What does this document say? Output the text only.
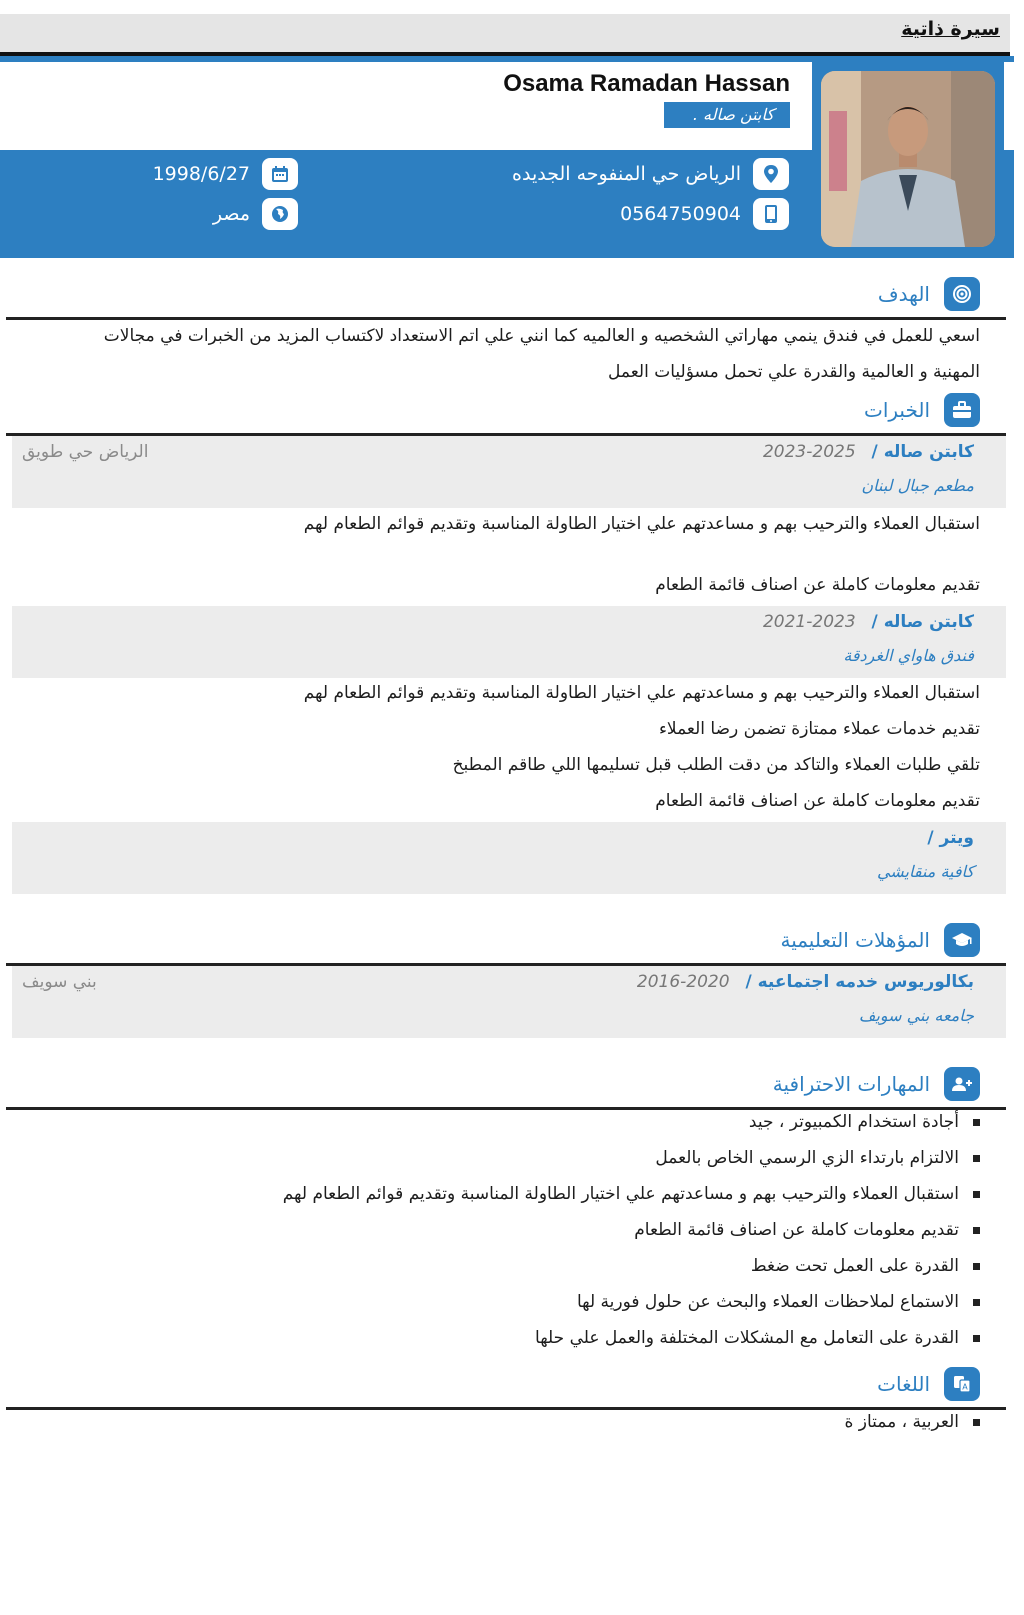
سيرة ذاتية
Osama Ramadan Hassan
كابتن صاله .
الرياض حي المنفوحه الجديده
0564750904
1998/6/27
مصر
الهدف
اسعي للعمل في فندق ينمي مهاراتي الشخصيه و العالميه كما انني علي اتم الاستعداد لاكتساب المزيد من الخبرات في مجالات
المهنية و العالمية والقدرة علي تحمل مسؤليات العمل
الخبرات
كابتن صاله / 2025-2023
الرياض حي طويق
مطعم جبال لبنان
استقبال العملاء والترحيب بهم و مساعدتهم علي اختيار الطاولة المناسبة وتقديم قوائم الطعام لهم
تقديم معلومات كاملة عن اصناف قائمة الطعام
كابتن صاله / 2023-2021
فندق هاواي الغردقة
استقبال العملاء والترحيب بهم و مساعدتهم علي اختيار الطاولة المناسبة وتقديم قوائم الطعام لهم
تقديم خدمات عملاء ممتازة تضمن رضا العملاء
تلقي طلبات العملاء والتاكد من دقت الطلب قبل تسليمها اللي طاقم المطبخ
تقديم معلومات كاملة عن اصناف قائمة الطعام
ويتر /
كافية منقايشي
المؤهلات التعليمية
بكالوريوس خدمه اجتماعيه / 2020-2016
بني سويف
جامعه بني سويف
المهارات الاحترافية
أجادة استخدام الكمبيوتر ، جيد
الالتزام بارتداء الزي الرسمي الخاص بالعمل
استقبال العملاء والترحيب بهم و مساعدتهم علي اختيار الطاولة المناسبة وتقديم قوائم الطعام لهم
تقديم معلومات كاملة عن اصناف قائمة الطعام
القدرة على العمل تحت ضغط
الاستماع لملاحظات العملاء والبحث عن حلول فورية لها
القدرة على التعامل مع المشكلات المختلفة والعمل علي حلها
A
اللغات
العربية ، ممتاز ة
